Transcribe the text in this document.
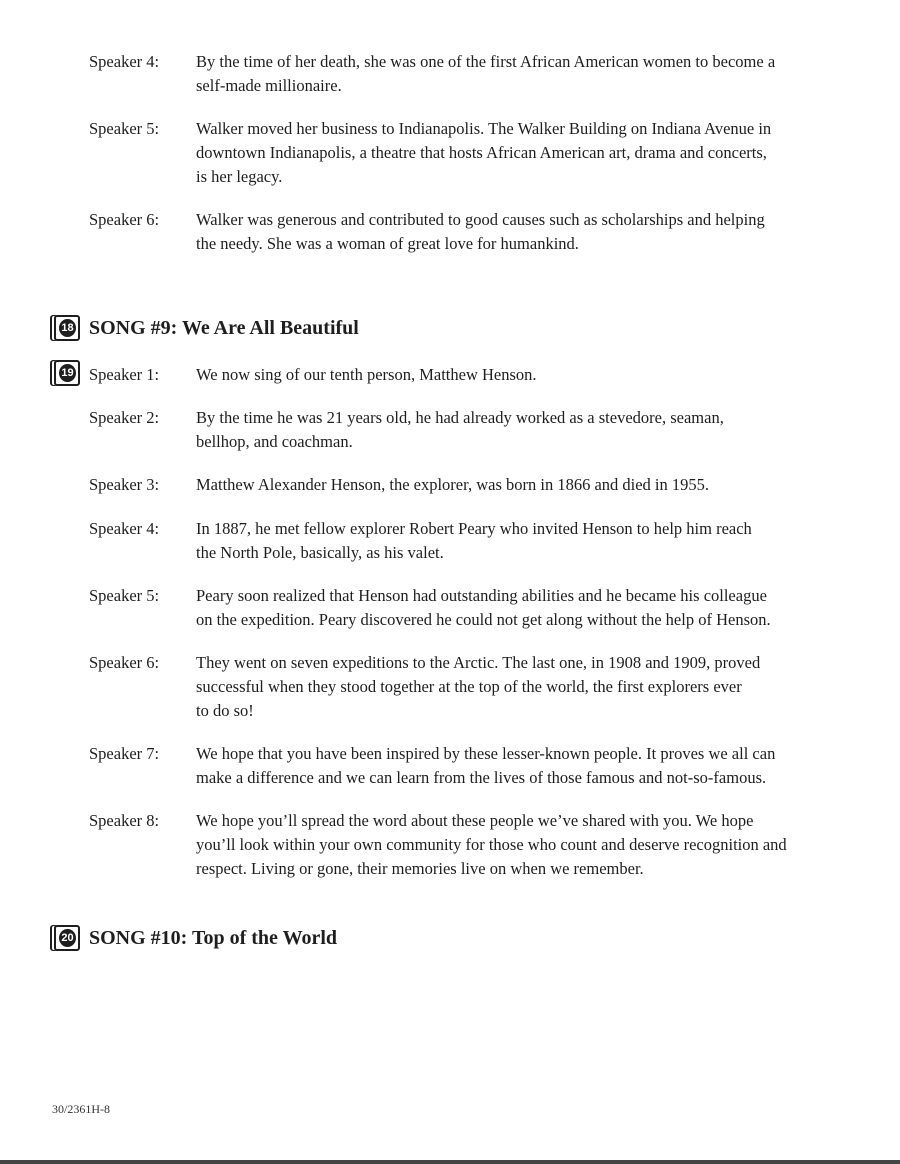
Speaker 4: By the time of her death, she was one of the first African American women to become a
self-made millionaire.
Speaker 5: Walker moved her business to Indianapolis. The Walker Building on Indiana Avenue in
downtown Indianapolis, a theatre that hosts African American art, drama and concerts,
is her legacy.
Speaker 6: Walker was generous and contributed to good causes such as scholarships and helping
the needy. She was a woman of great love for humankind.
18 SONG #9: We Are All Beautiful
19 Speaker 1: We now sing of our tenth person, Matthew Henson.
Speaker 2: By the time he was 21 years old, he had already worked as a stevedore, seaman,
bellhop, and coachman.
Speaker 3: Matthew Alexander Henson, the explorer, was born in 1866 and died in 1955.
Speaker 4: In 1887, he met fellow explorer Robert Peary who invited Henson to help him reach
the North Pole, basically, as his valet.
Speaker 5: Peary soon realized that Henson had outstanding abilities and he became his colleague
on the expedition. Peary discovered he could not get along without the help of Henson.
Speaker 6: They went on seven expeditions to the Arctic. The last one, in 1908 and 1909, proved
successful when they stood together at the top of the world, the first explorers ever
to do so!
Speaker 7: We hope that you have been inspired by these lesser-known people. It proves we all can
make a difference and we can learn from the lives of those famous and not-so-famous.
Speaker 8: We hope you’ll spread the word about these people we’ve shared with you. We hope
you’ll look within your own community for those who count and deserve recognition and
respect. Living or gone, their memories live on when we remember.
20 SONG #10: Top of the World
30/2361H-8
